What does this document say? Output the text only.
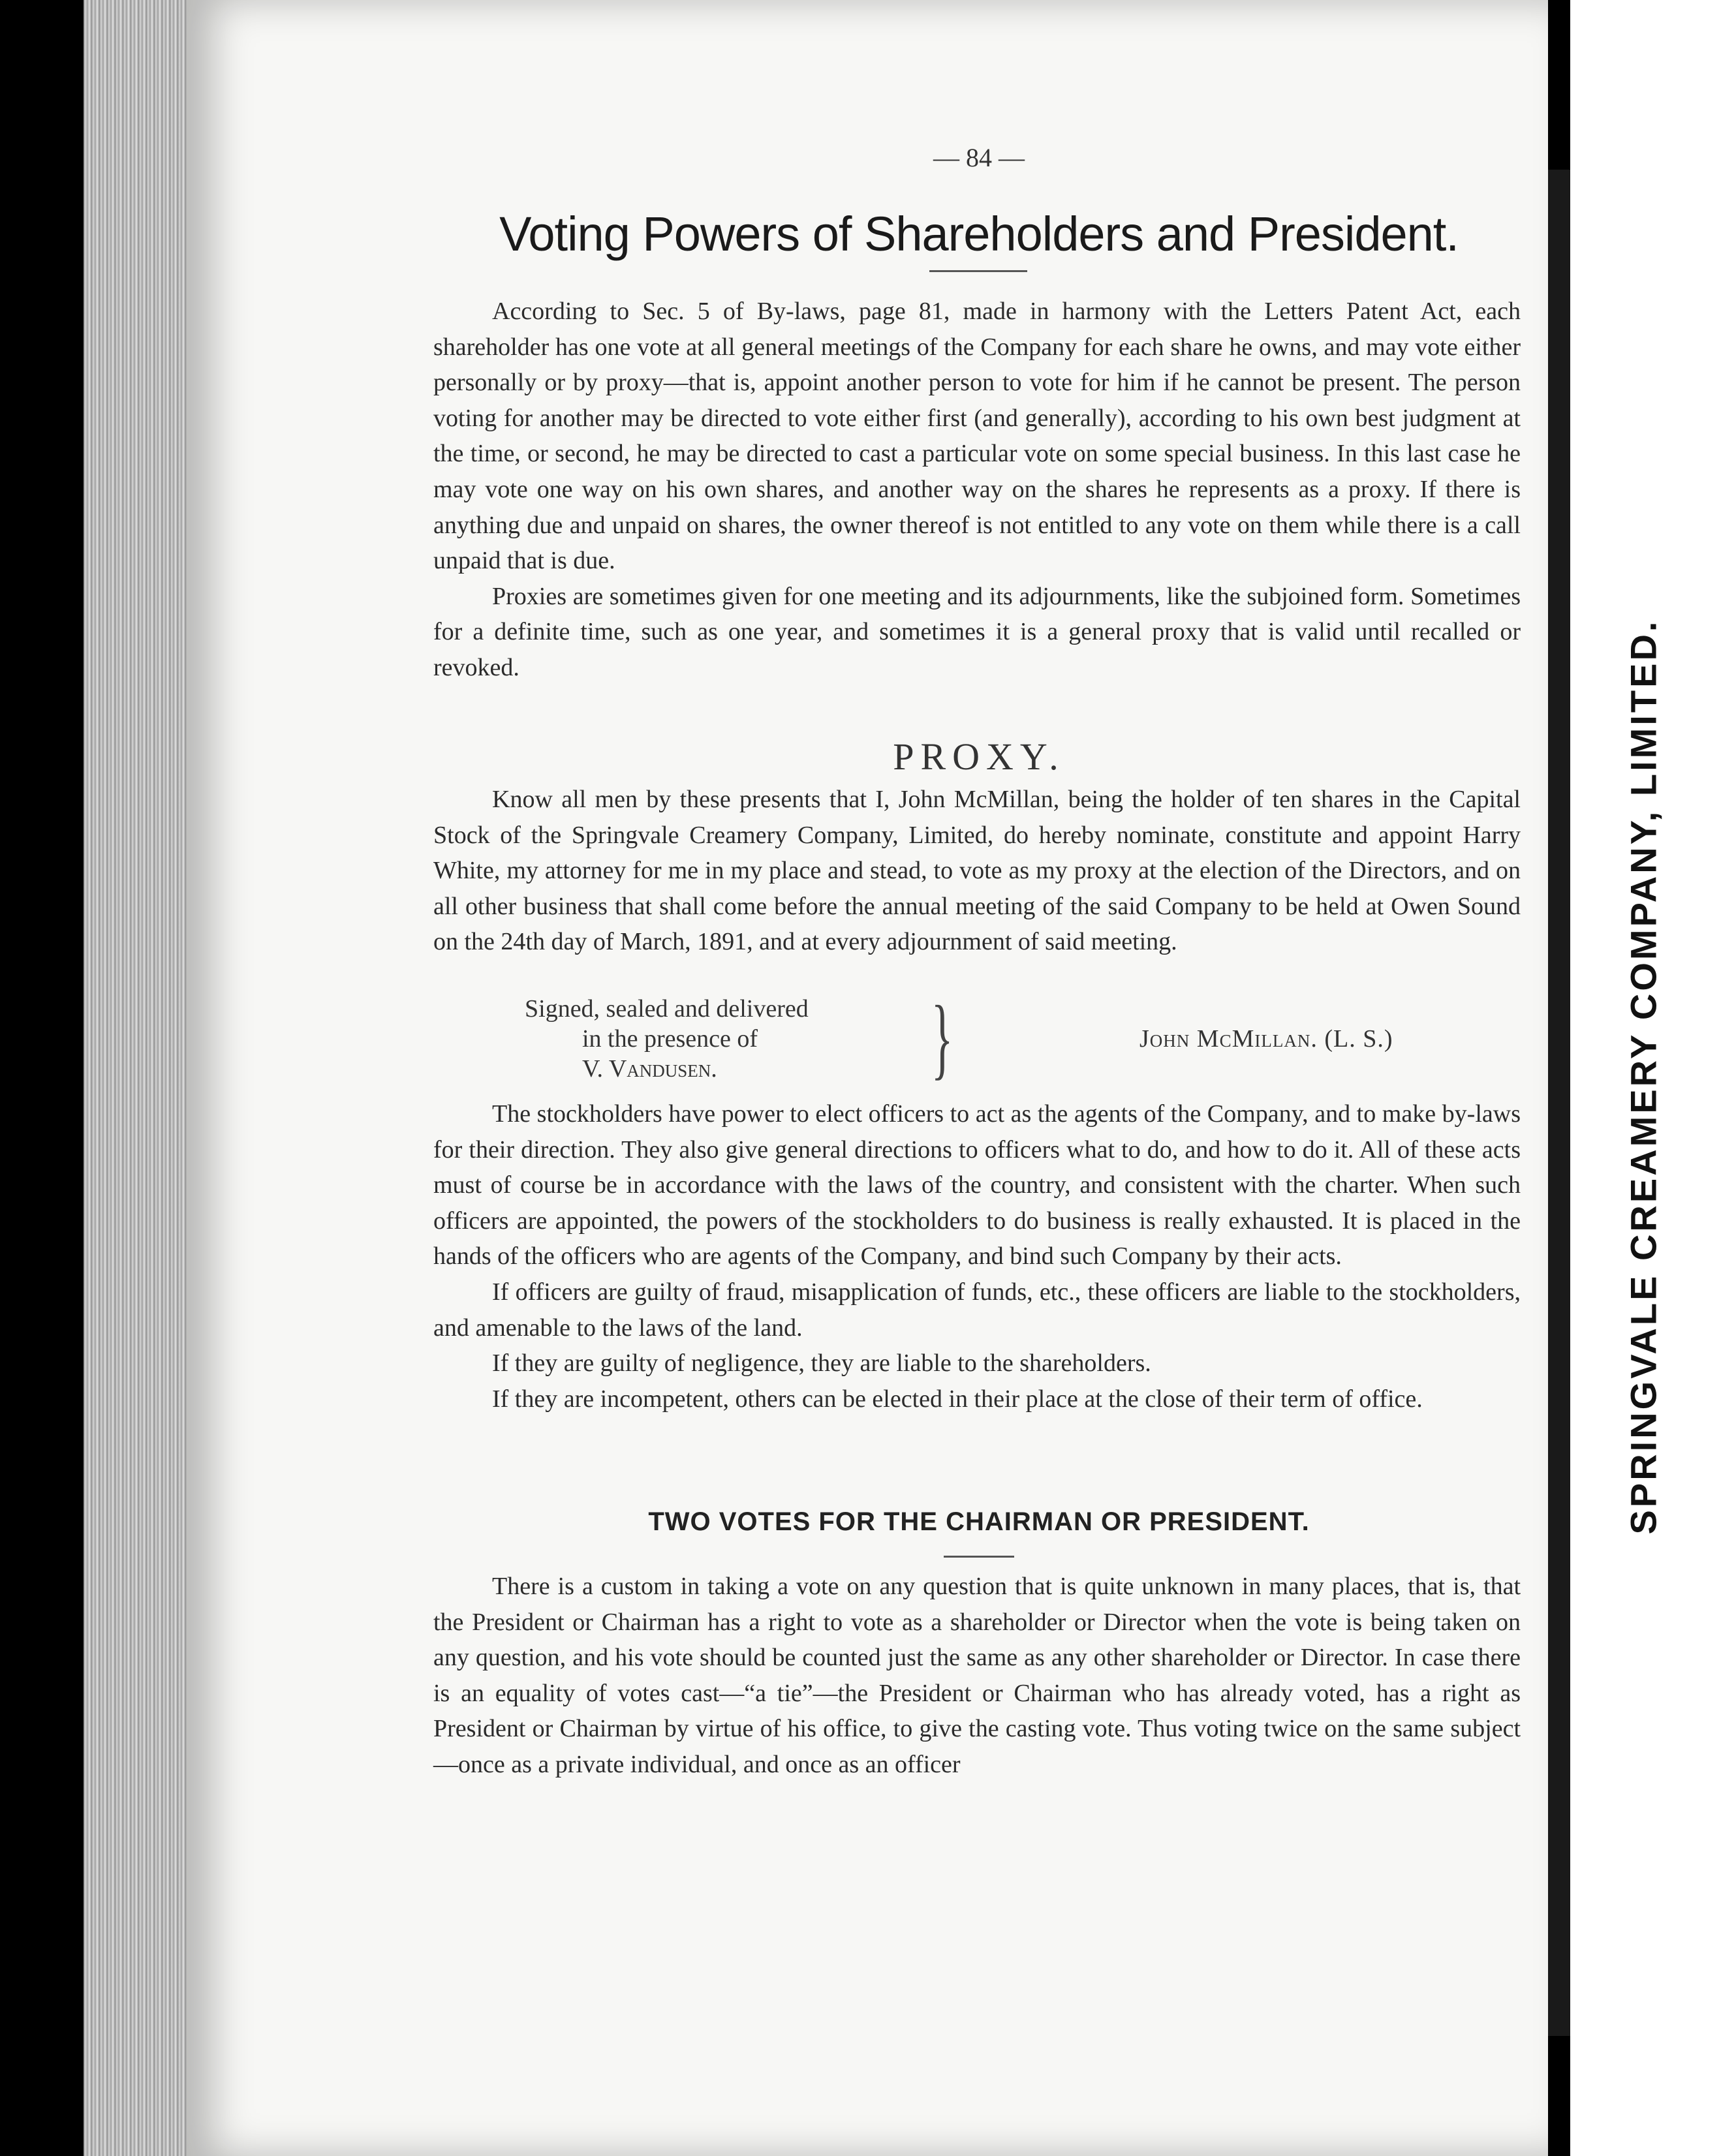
SPRINGVALE CREAMERY COMPANY, LIMITED.
— 84 —
Voting Powers of Shareholders and President.

According to Sec. 5 of By-laws, page 81, made in harmony with the Letters Patent Act, each shareholder has one vote at all general meetings of the Company for each share he owns, and may vote either personally or by proxy—that is, appoint another person to vote for him if he cannot be present. The person voting for another may be directed to vote either first (and generally), according to his own best judgment at the time, or second, he may be directed to cast a particular vote on some special business. In this last case he may vote one way on his own shares, and another way on the shares he represents as a proxy. If there is anything due and unpaid on shares, the owner thereof is not entitled to any vote on them while there is a call unpaid that is due.

Proxies are sometimes given for one meeting and its adjournments, like the subjoined form. Sometimes for a definite time, such as one year, and sometimes it is a general proxy that is valid until recalled or revoked.

PROXY.

Know all men by these presents that I, John McMillan, being the holder of ten shares in the Capital Stock of the Springvale Creamery Company, Limited, do hereby nominate, constitute and appoint Harry White, my attorney for me in my place and stead, to vote as my proxy at the election of the Directors, and on all other business that shall come before the annual meeting of the said Company to be held at Owen Sound on the 24th day of March, 1891, and at every adjournment of said meeting.

Signed, sealed and delivered
in the presence of
V. Vandusen. }	John McMillan. (L. S.)

The stockholders have power to elect officers to act as the agents of the Company, and to make by-laws for their direction. They also give general directions to officers what to do, and how to do it. All of these acts must of course be in accordance with the laws of the country, and consistent with the charter. When such officers are appointed, the powers of the stockholders to do business is really exhausted. It is placed in the hands of the officers who are agents of the Company, and bind such Company by their acts.

If officers are guilty of fraud, misapplication of funds, etc., these officers are liable to the stockholders, and amenable to the laws of the land.

If they are guilty of negligence, they are liable to the shareholders.

If they are incompetent, others can be elected in their place at the close of their term of office.

TWO VOTES FOR THE CHAIRMAN OR PRESIDENT.

There is a custom in taking a vote on any question that is quite unknown in many places, that is, that the President or Chairman has a right to vote as a shareholder or Director when the vote is being taken on any question, and his vote should be counted just the same as any other shareholder or Director. In case there is an equality of votes cast—“a tie”—the President or Chairman who has already voted, has a right as President or Chairman by virtue of his office, to give the casting vote. Thus voting twice on the same subject—once as a private individual, and once as an officer
